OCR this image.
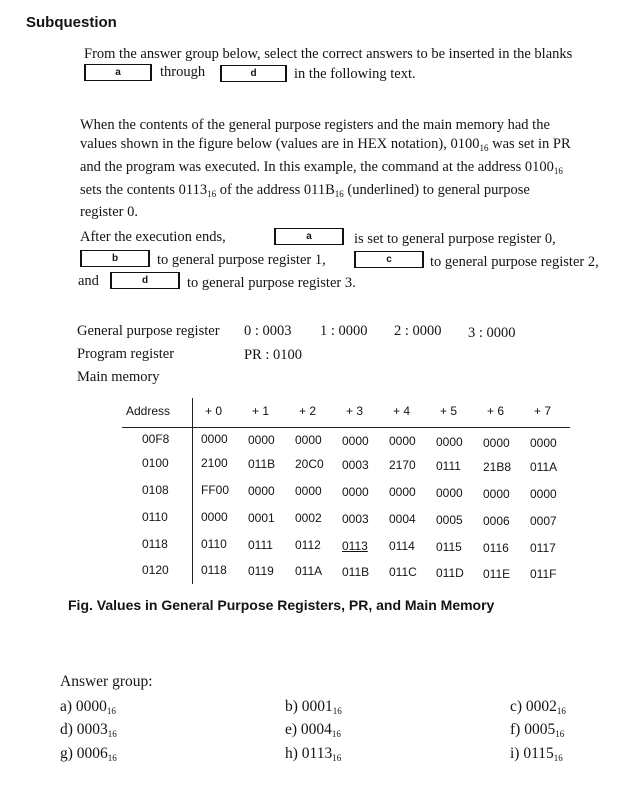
Subquestion
From the answer group below, select the correct answers to be inserted in the blanks
a	through	d	in the following text.
When the contents of the general purpose registers and the main memory had the
values shown in the figure below (values are in HEX notation), $0100_{16}$ was set in PR
and the program was executed. In this example, the command at the address $0100_{16}$
sets the contents $0113_{16}$ of the address $011B_{16}$ (underlined) to general purpose
register 0.
After the execution ends,	a	is set to general purpose register 0,
b	to general purpose register 1,	c	to general purpose register 2,
and	d	to general purpose register 3.
General purpose register 0 : 0003 1 : 0000 2 : 0000 3 : 0000
Program register	PR : 0100
Main memory
Address	+ 0 + 1 + 2 + 3 + 4 + 5 + 6 + 7
00F8	0000 0000 0000 0000 0000 0000 0000 0000
0100	2100 011B 20C0 0003 2170 0111 21B8 011A
0108	FF00 0000 0000 0000 0000 0000 0000 0000
0110	0000 0001 0002 0003 0004 0005 0006 0007
0118	0110 0111 0112 0113 0114 0115 0116 0117
0120	0118 0119 011A 011B 011C 011D 011E 011F
Fig. Values in General Purpose Registers, PR, and Main Memory
Answer group:
a) $0000_{16}$	b) $0001_{16}$	c) $0002_{16}$
d) $0003_{16}$	e) $0004_{16}$	f) $0005_{16}$
g) $0006_{16}$	h) $0113_{16}$	i) $0115_{16}$
